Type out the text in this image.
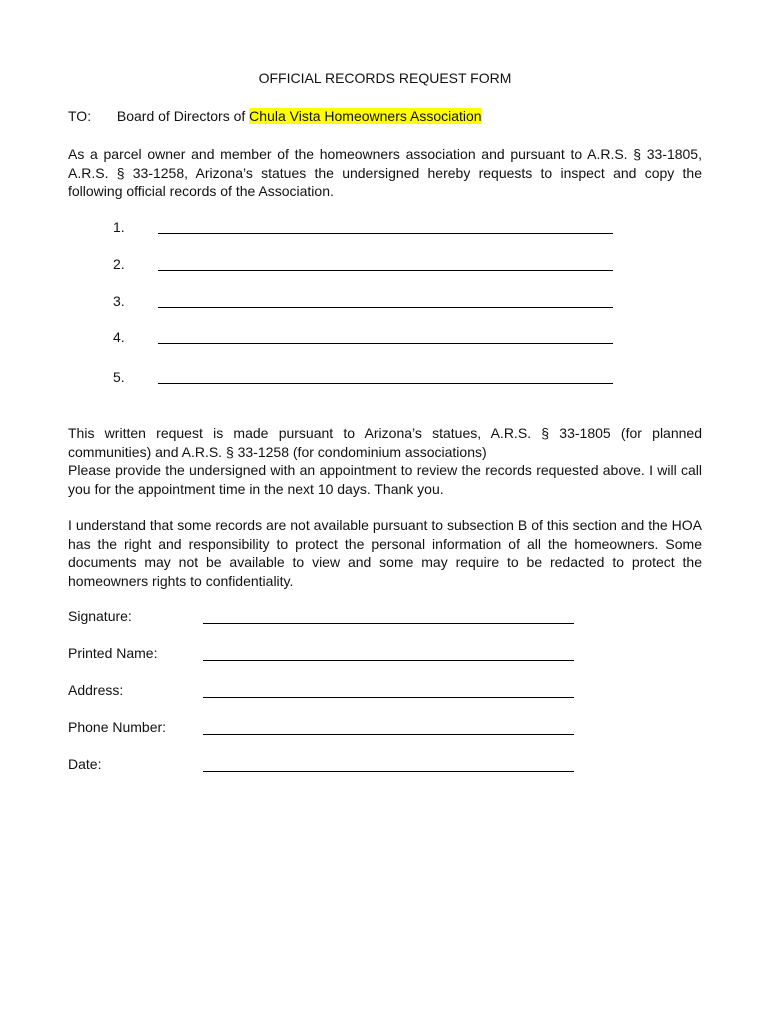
OFFICIAL RECORDS REQUEST FORM
TO: Board of Directors of Chula Vista Homeowners Association
As a parcel owner and member of the homeowners association and pursuant to A.R.S. § 33-1805, A.R.S. § 33-1258, Arizona’s statues the undersigned hereby requests to inspect and copy the following official records of the Association.
1.
2.
3.
4.
5.
This written request is made pursuant to Arizona’s statues, A.R.S. § 33-1805 (for planned communities) and A.R.S. § 33-1258 (for condominium associations)
Please provide the undersigned with an appointment to review the records requested above. I will call you for the appointment time in the next 10 days. Thank you.
I understand that some records are not available pursuant to subsection B of this section and the HOA has the right and responsibility to protect the personal information of all the homeowners. Some documents may not be available to view and some may require to be redacted to protect the homeowners rights to confidentiality.
Signature:
Printed Name:
Address:
Phone Number:
Date:
